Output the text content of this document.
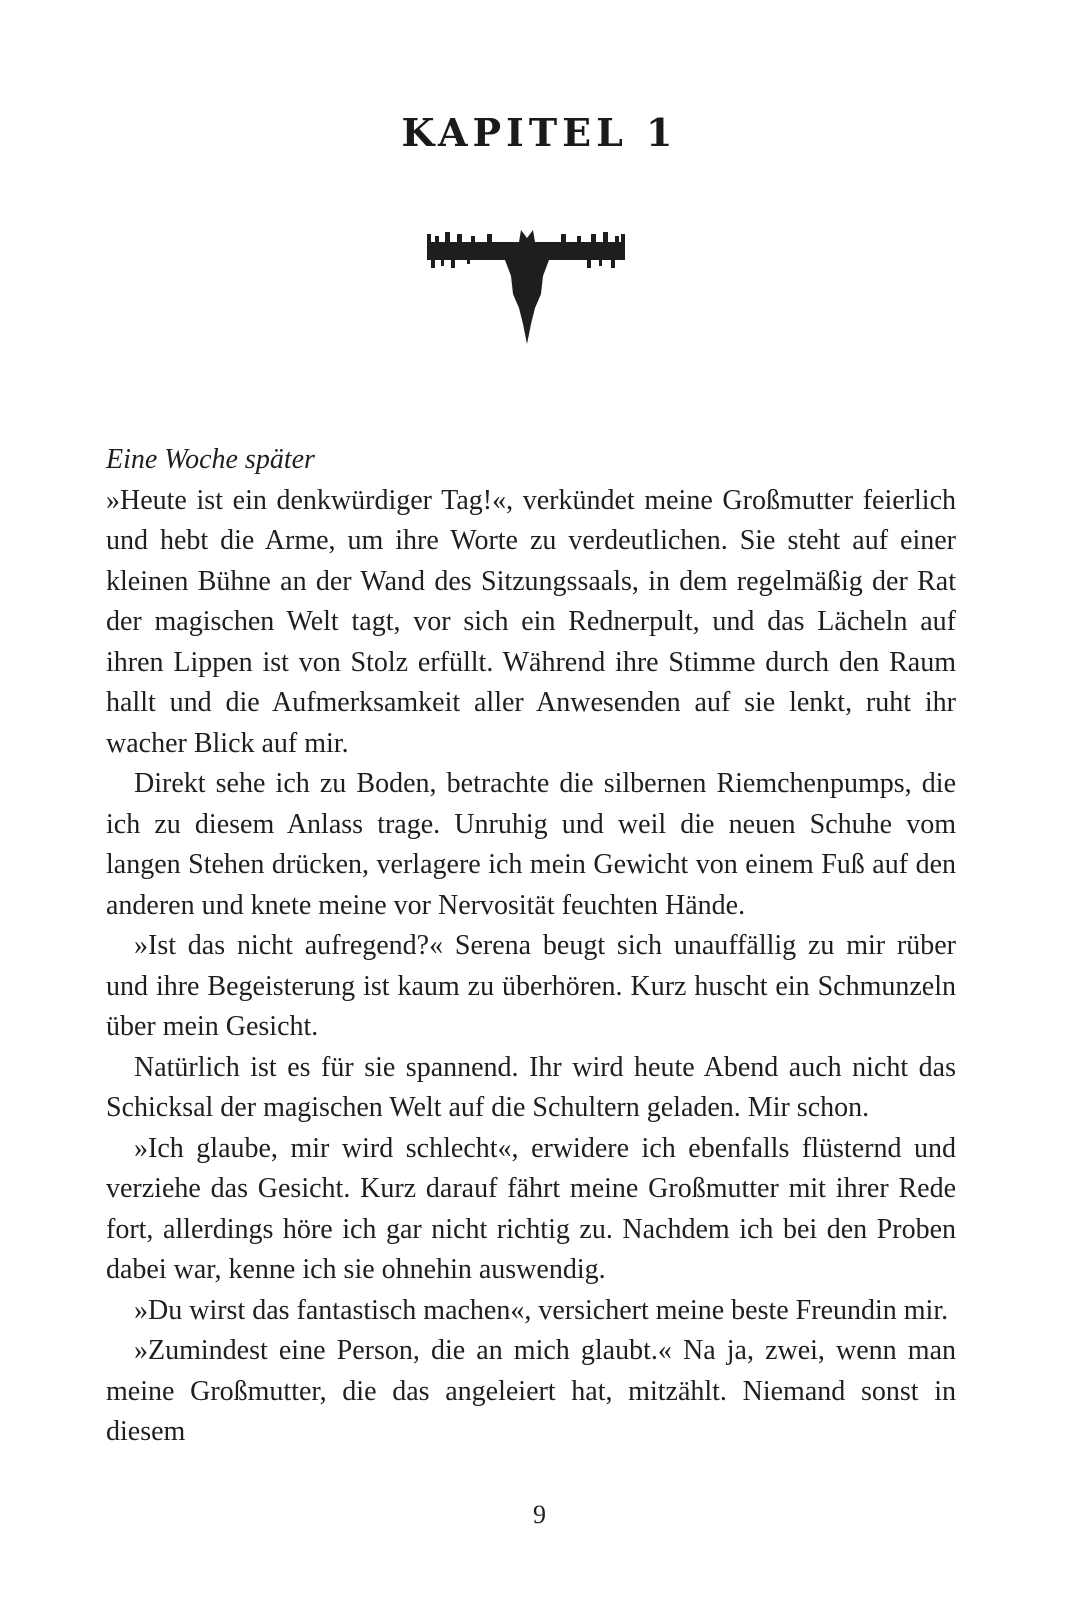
KAPITEL 1
Eine Woche später

»Heute ist ein denkwürdiger Tag!«, verkündet meine Großmutter feierlich und hebt die Arme, um ihre Worte zu verdeutlichen. Sie steht auf einer kleinen Bühne an der Wand des Sitzungssaals, in dem regelmäßig der Rat der magischen Welt tagt, vor sich ein Rednerpult, und das Lächeln auf ihren Lippen ist von Stolz erfüllt. Während ihre Stimme durch den Raum hallt und die Aufmerksamkeit aller Anwesenden auf sie lenkt, ruht ihr wacher Blick auf mir.

Direkt sehe ich zu Boden, betrachte die silbernen Riemchenpumps, die ich zu diesem Anlass trage. Unruhig und weil die neuen Schuhe vom langen Stehen drücken, verlagere ich mein Gewicht von einem Fuß auf den anderen und knete meine vor Nervosität feuchten Hände.

»Ist das nicht aufregend?« Serena beugt sich unauffällig zu mir rüber und ihre Begeisterung ist kaum zu überhören. Kurz huscht ein Schmunzeln über mein Gesicht.

Natürlich ist es für sie spannend. Ihr wird heute Abend auch nicht das Schicksal der magischen Welt auf die Schultern geladen. Mir schon.

»Ich glaube, mir wird schlecht«, erwidere ich ebenfalls flüsternd und verziehe das Gesicht. Kurz darauf fährt meine Großmutter mit ihrer Rede fort, allerdings höre ich gar nicht richtig zu. Nachdem ich bei den Proben dabei war, kenne ich sie ohnehin auswendig.

»Du wirst das fantastisch machen«, versichert meine beste Freundin mir.

»Zumindest eine Person, die an mich glaubt.« Na ja, zwei, wenn man meine Großmutter, die das angeleiert hat, mitzählt. Niemand sonst in diesem

9
